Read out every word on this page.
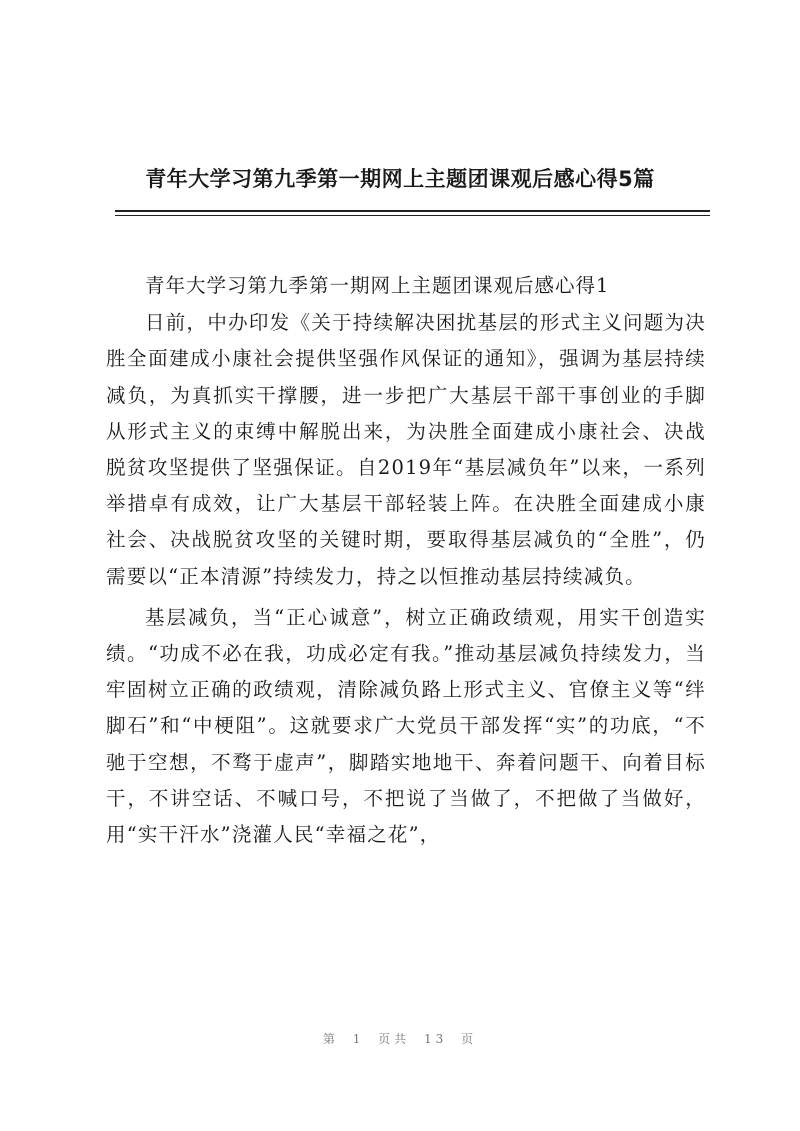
青年大学习第九季第一期网上主题团课观后感心得5篇

青年大学习第九季第一期网上主题团课观后感心得1

日前，中办印发《关于持续解决困扰基层的形式主义问题为决胜全面建成小康社会提供坚强作风保证的通知》，强调为基层持续减负，为真抓实干撑腰，进一步把广大基层干部干事创业的手脚从形式主义的束缚中解脱出来，为决胜全面建成小康社会、决战脱贫攻坚提供了坚强保证。自2019年“基层减负年”以来，一系列举措卓有成效，让广大基层干部轻装上阵。在决胜全面建成小康社会、决战脱贫攻坚的关键时期，要取得基层减负的“全胜”，仍需要以“正本清源”持续发力，持之以恒推动基层持续减负。

基层减负，当“正心诚意”，树立正确政绩观，用实干创造实绩。“功成不必在我，功成必定有我。”推动基层减负持续发力，当牢固树立正确的政绩观，清除减负路上形式主义、官僚主义等“绊脚石”和“中梗阻”。这就要求广大党员干部发挥“实”的功底，“不驰于空想，不骛于虚声”，脚踏实地地干、奔着问题干、向着目标干，不讲空话、不喊口号，不把说了当做了，不把做了当做好，用“实干汗水”浇灌人民“幸福之花”，

第 1 页共 13 页
